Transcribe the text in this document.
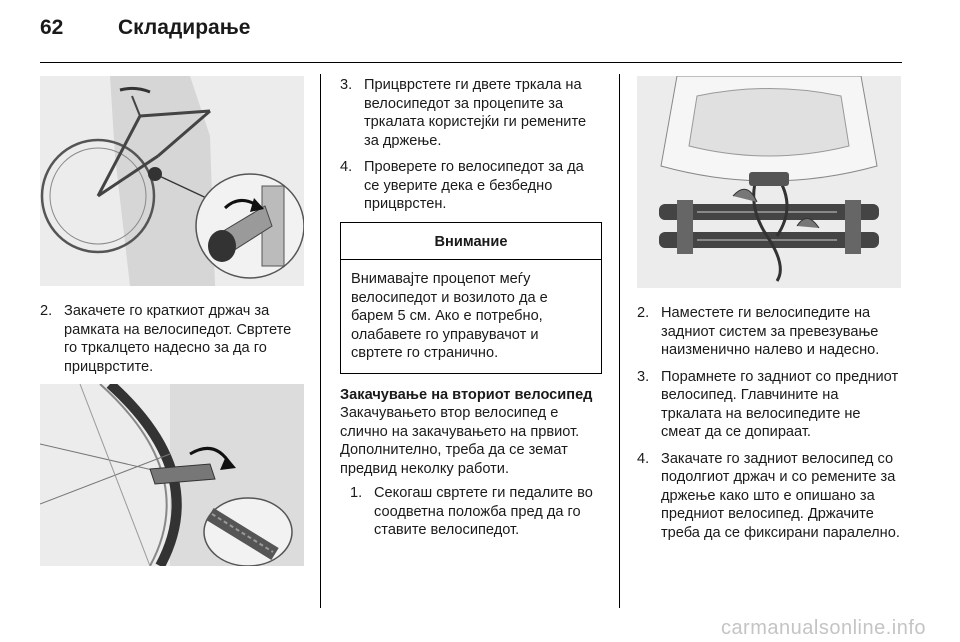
62	Складирање
2. Закачете го краткиот држач за рамката на велосипедот. Свртете го тркалцето надесно за да го прицврстите.
3. Прицврстете ги двете тркала на велосипедот за процепите за тркалата користејќи ги ремените за држење.
4. Проверете го велосипедот за да се уверите дека е безбедно прицврстен.
Внимание
Внимавајте процепот меѓу велосипедот и возилото да е барем 5 см. Ако е потребно, олабавете го управувачот и свртете го странично.
Закачување на вториот велосипед
Закачувањето втор велосипед е слично на закачувањето на првиот. Дополнително, треба да се земат предвид неколку работи.
1. Секогаш свртете ги педалите во соодветна положба пред да го ставите велосипедот.
2. Наместете ги велосипедите на задниот систем за превезување наизменично налево и надесно.
3. Порамнете го задниот со предниот велосипед. Главчините на тркалата на велосипедите не смеат да се допираат.
4. Закачате го задниот велосипед со подолгиот држач и со ремените за држење како што е опишано за предниот велосипед. Држачите треба да се фиксирани паралелно.
carmanualsonline.info
